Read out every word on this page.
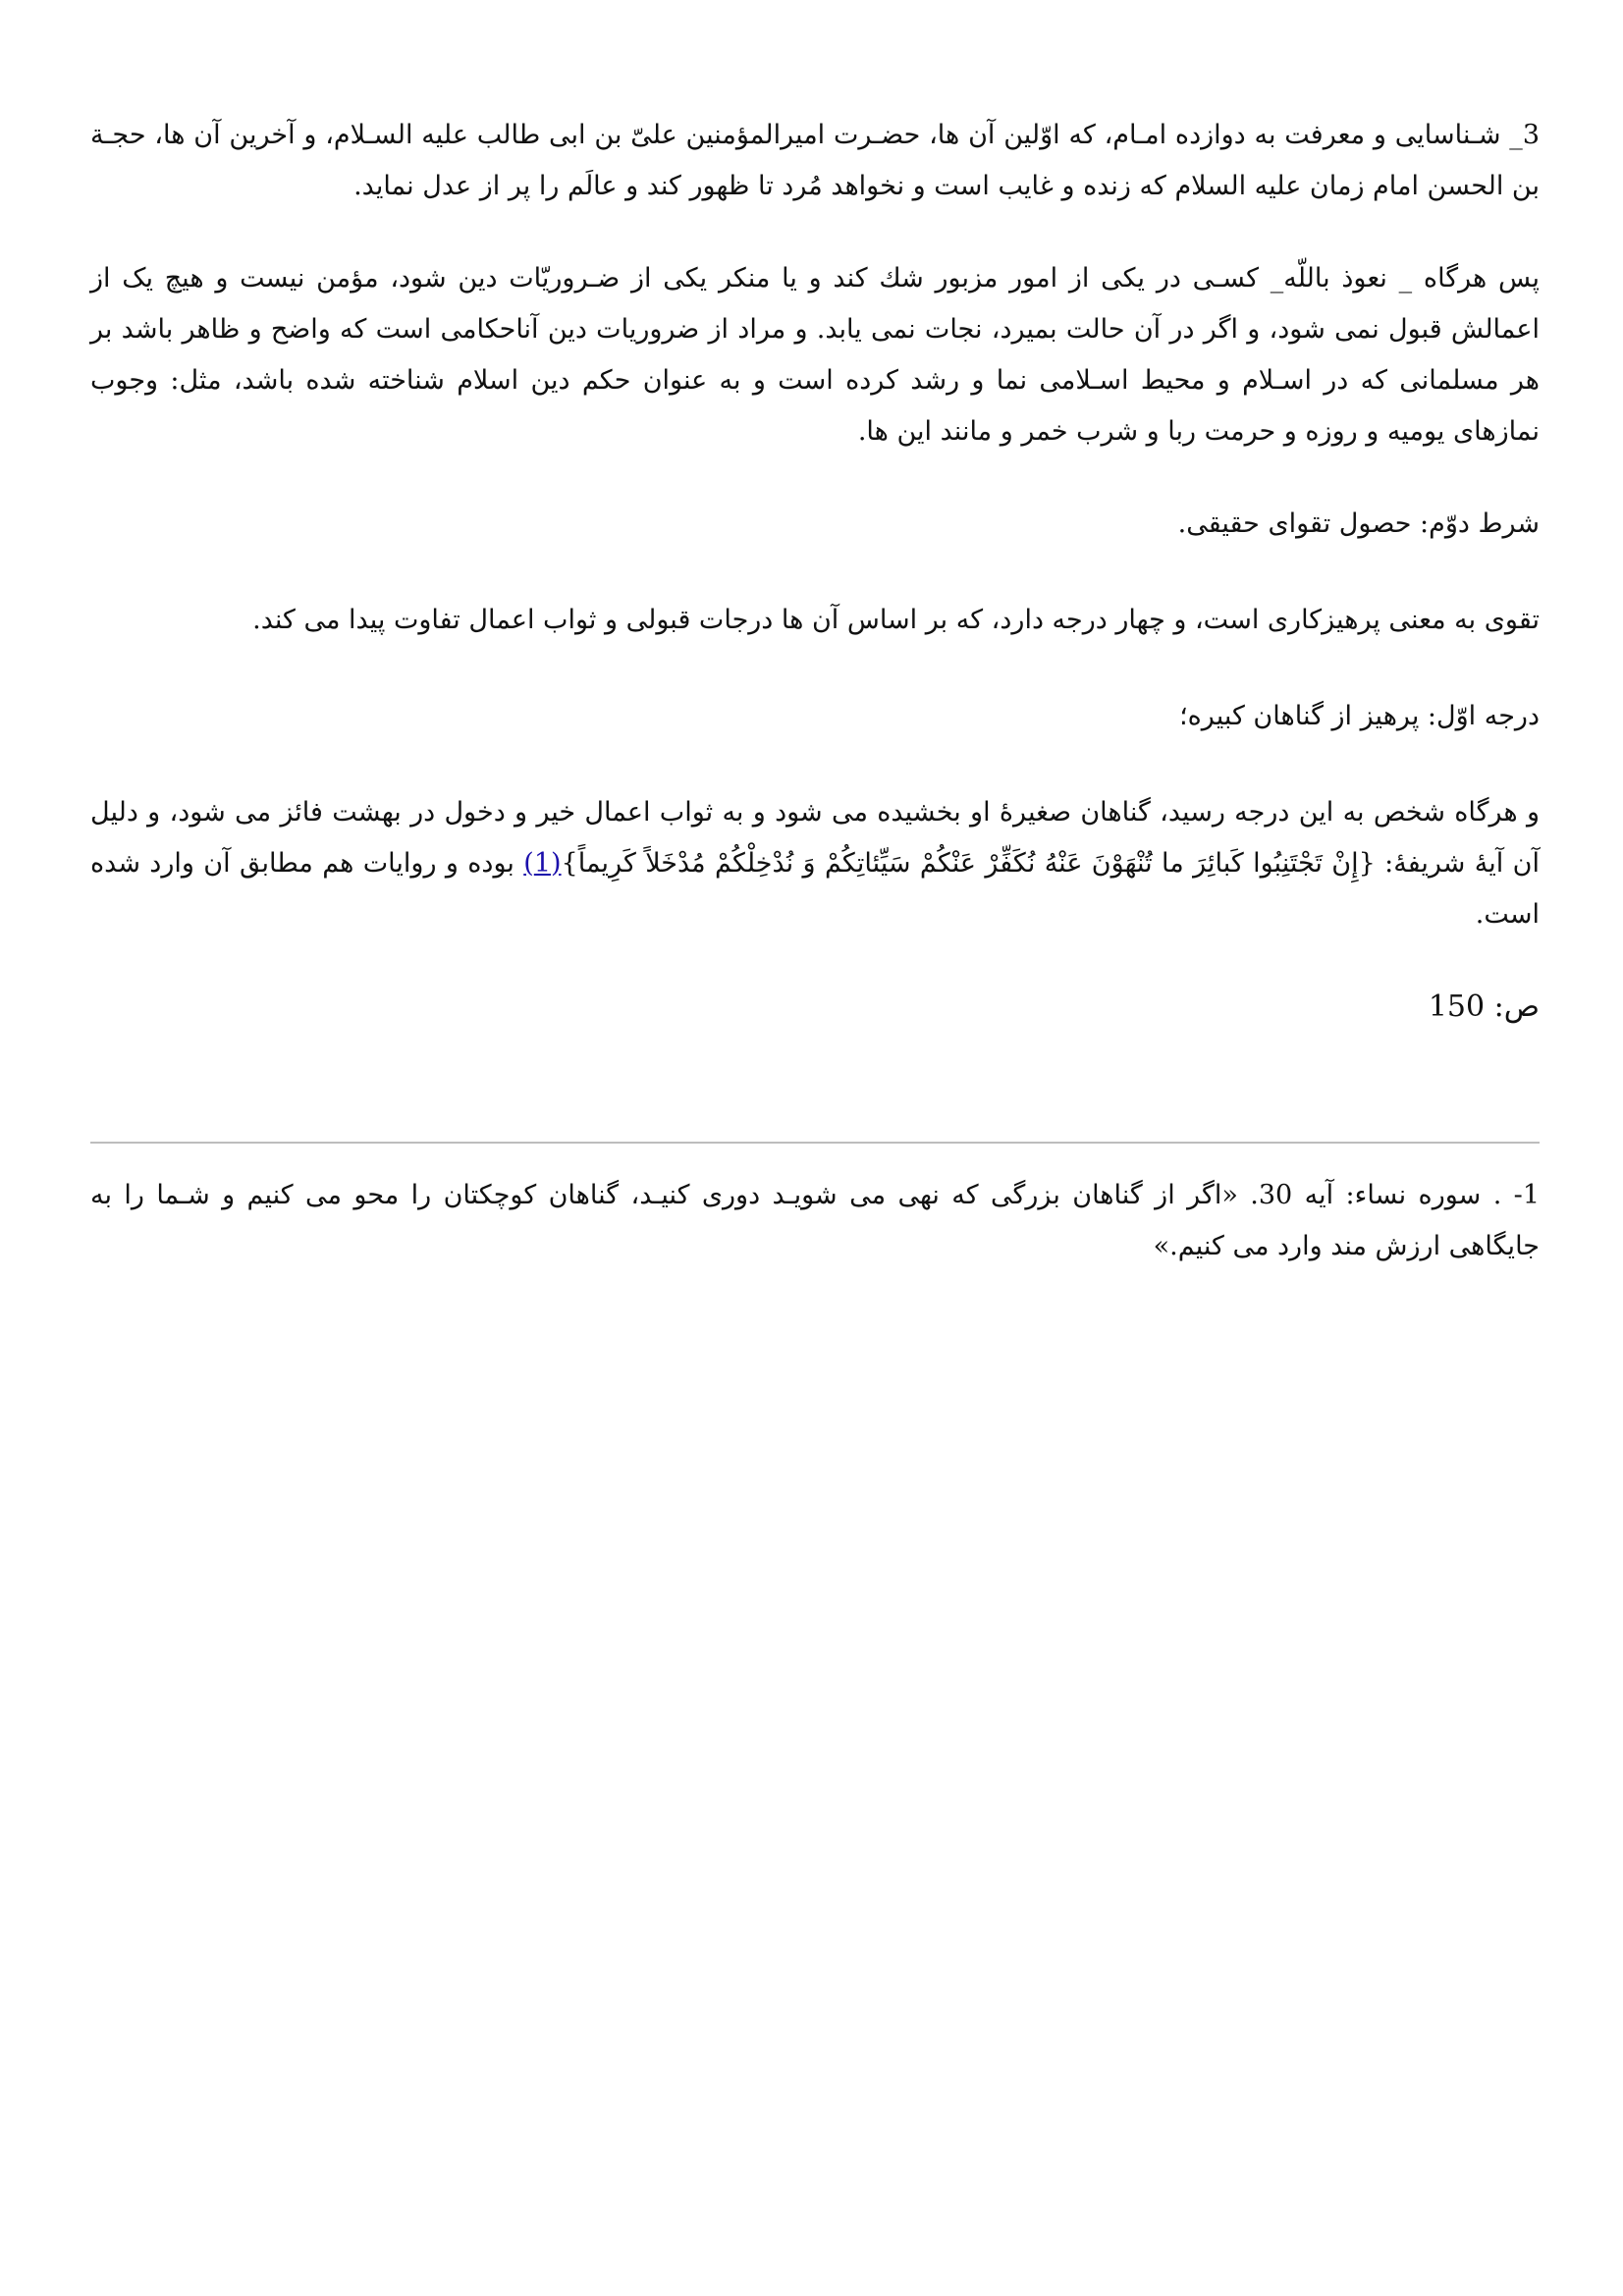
3_ شـناسايى و معرفت به دوازده امـام، كه اوّلين آن ها، حضـرت اميرالمؤمنين علىّ بن ابى طالب عليه السـلام، و آخرين آن ها، حجـة بن الحسن امام زمان عليه السلام كه زنده و غايب است و نخواهد مُرد تا ظهور كند و عالَم را پر از عدل نمايد.

پس هرگاه _ نعوذ باللّه_ كسـى در يكى از امور مزبور شك كند و يا منكر يكى از ضـروريّات دين شود، مؤمن نيست و هيچ يک از اعمالش قبول نمى شود، و اگر در آن حالت بميرد، نجات نمى يابد. و مراد از ضروريات دين آناحكامى است كه واضح و ظاهر باشد بر هر مسلمانى كه در اسـلام و محيط اسـلامى نما و رشد كرده است و به عنوان حكم دين اسلام شناخته شده باشد، مثل: وجوب نمازهاى يوميه و روزه و حرمت ربا و شرب خمر و مانند اين ها.

شرط دوّم: حصول تقواى حقيقى.

تقوى به معنى پرهيزكارى است، و چهار درجه دارد، كه بر اساس آن ها درجات قبولى و ثواب اعمال تفاوت پيدا مى كند.

درجه اوّل: پرهيز از گناهان كبيره؛

و هرگاه شخص به اين درجه رسيد، گناهان صغيرهٔ او بخشيده مى شود و به ثواب اعمال خير و دخول در بهشت فائز مى شود، و دليل آن آيهٔ شريفهٔ: {إِنْ تَجْتَنِبُوا كَبائِرَ ما تُنْهَوْنَ عَنْهُ نُكَفِّرْ عَنْكُمْ سَيِّئاتِكُمْ وَ نُدْخِلْكُمْ مُدْخَلاً كَرِيماً}(1) بوده و روايات هم مطابق آن وارد شده است.

ص: 150

1- . سوره نساء: آيه 30. «اگر از گناهان بزرگى كه نهى مى شويـد دورى كنيـد، گناهان كوچكتان را محو مى كنيم و شـما را به جايگاهى ارزش مند وارد مى كنيم.»
